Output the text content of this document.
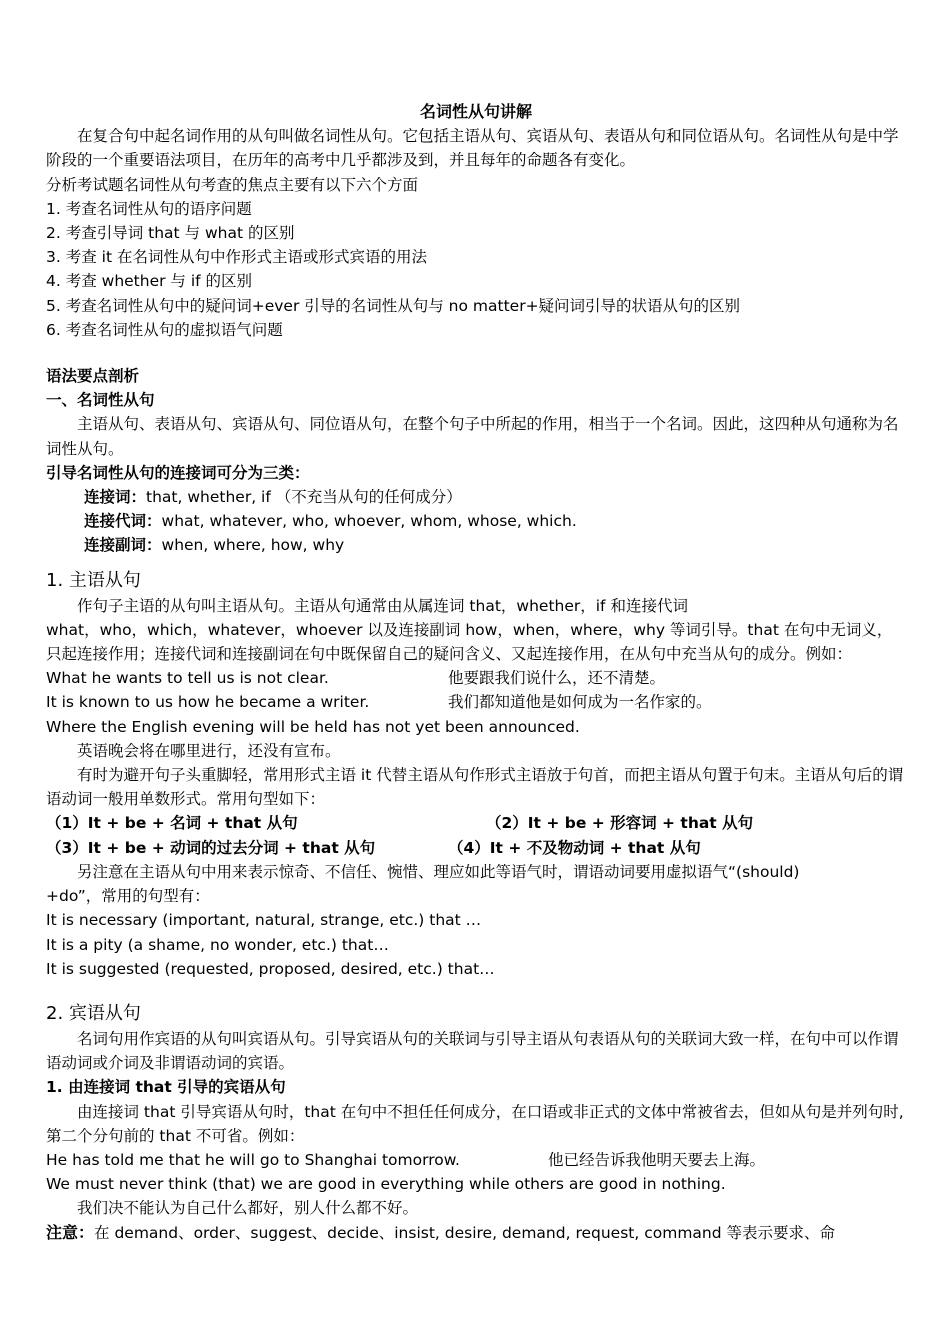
名词性从句讲解
在复合句中起名词作用的从句叫做名词性从句。它包括主语从句、宾语从句、表语从句和同位语从句。名词性从句是中学阶段的一个重要语法项目，在历年的高考中几乎都涉及到，并且每年的命题各有变化。
分析考试题名词性从句考查的焦点主要有以下六个方面
1. 考查名词性从句的语序问题
2. 考查引导词 that 与 what 的区别
3. 考查 it 在名词性从句中作形式主语或形式宾语的用法
4. 考查 whether 与 if 的区别
5. 考查名词性从句中的疑问词+ever 引导的名词性从句与 no matter+疑问词引导的状语从句的区别
6. 考查名词性从句的虚拟语气问题
语法要点剖析
一、名词性从句
主语从句、表语从句、宾语从句、同位语从句，在整个句子中所起的作用，相当于一个名词。因此，这四种从句通称为名词性从句。
引导名词性从句的连接词可分为三类：
连接词：that, whether, if （不充当从句的任何成分）
连接代词：what, whatever, who, whoever, whom, whose, which.
连接副词：when, where, how, why
1. 主语从句
作句子主语的从句叫主语从句。主语从句通常由从属连词 that，whether，if 和连接代词
what，who，which，whatever，whoever 以及连接副词 how，when，where，why 等词引导。that 在句中无词义，只起连接作用；连接代词和连接副词在句中既保留自己的疑问含义、又起连接作用，在从句中充当从句的成分。例如：
What he wants to tell us is not clear.	他要跟我们说什么，还不清楚。
It is known to us how he became a writer.	我们都知道他是如何成为一名作家的。
Where the English evening will be held has not yet been announced.
英语晚会将在哪里进行，还没有宣布。
有时为避开句子头重脚轻，常用形式主语 it 代替主语从句作形式主语放于句首，而把主语从句置于句末。主语从句后的谓语动词一般用单数形式。常用句型如下：
（1）It + be + 名词 + that 从句	（2）It + be + 形容词 + that 从句
（3）It + be + 动词的过去分词 + that 从句	（4）It + 不及物动词 + that 从句
另注意在主语从句中用来表示惊奇、不信任、惋惜、理应如此等语气时，谓语动词要用虚拟语气“(should)
+do”，常用的句型有：
It is necessary (important, natural, strange, etc.) that …
It is a pity (a shame, no wonder, etc.) that…
It is suggested (requested, proposed, desired, etc.) that…
2. 宾语从句
名词句用作宾语的从句叫宾语从句。引导宾语从句的关联词与引导主语从句表语从句的关联词大致一样，在句中可以作谓语动词或介词及非谓语动词的宾语。
1. 由连接词 that 引导的宾语从句
由连接词 that 引导宾语从句时，that 在句中不担任任何成分，在口语或非正式的文体中常被省去，但如从句是并列句时,第二个分句前的 that 不可省。例如：
He has told me that he will go to Shanghai tomorrow.	他已经告诉我他明天要去上海。
We must never think (that) we are good in everything while others are good in nothing.
我们决不能认为自己什么都好，别人什么都不好。
注意：在 demand、order、suggest、decide、insist, desire, demand, request, command 等表示要求、命
